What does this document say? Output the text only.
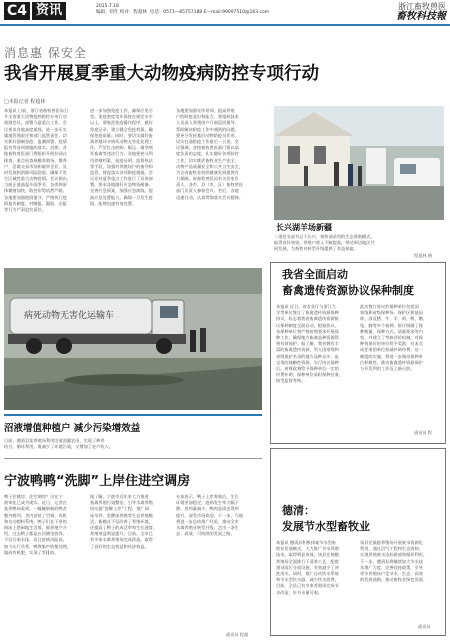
C4 资讯	2015.7.18
编辑：钮仕 校对：程超林 电话：0571—85757188 E—mail:99097510@163.com
浙江畜牧兽医
畜牧科技報
消息惠 保安全
我省开展夏季重大动物疫病防控专项行动
□本报记者 程超林
本报讯 日前，浙江省畜牧兽医局召
开全省重大动物疫病防控专项行动
视频会议，部署今夏重点工作。会
议要求各地高度重视，进一步压实
属地管理责任和部门监管责任，切
实抓好强制免疫、监测预警、疫情
报告等各项措施的落实。近期，各
地畜牧兽医部门将组织开展拉网式
排查，重点检查规模养殖场、散养
户、活禽交易市场和屠宰企业，及
时发现和消除风险隐患，确保不发
生区域性重大动物疫情。会议指出，
当前正值高温多雨季节，各类病原
体繁殖加快，防控形势依然严峻。
各地要加强值班值守，严格执行疫
情报告制度，对瞒报、漏报、迟报
等行为严肃追究责任。
进一步加强免疫工作，确保应免尽
免，免疫密度常年保持在规定水平
以上。要规范免疫操作程序，做好
免疫记录，建立健全免疫档案，确
保免疫质量。同时，要切实做好畜
禽养殖环节病死动物无害化处理工
作，严厉打击收购、贩运、屠宰病
死畜禽等违法行为。各地要充分利
用养殖档案、检疫证明、监督执法
等手段，加强对养殖场户的指导和
监管，督促落实各项防疫措施。会
议还对夏季重点工作进行了具体部
署，要求各地做好应急物资储备，
完善应急预案，加强应急演练，提
高应急处置能力，确保一旦发生疫
情，能够迅速有效处置。
各地要加强宣传培训，提高养殖
户的防疫意识和能力。要组织技术
人员深入养殖场户开展巡回指导，
帮助解决防疫工作中遇到的问题。
要充分发挥基层动物防疫员作用，
切实打通防疫工作最后一公里。会
议强调，各级畜牧兽医部门要以高
度负责的态度，扎实做好各项防控
工作，切实维护畜牧业生产安全、
动物产品质量安全和公共卫生安全，
为全省畜牧业持续健康发展提供有
力保障。省畜牧兽医局有关处室负
责人，各市、县（市、区）畜牧兽医
部门负责人参加会议。会后，各地
迅速行动，认真贯彻落实会议精神。
长兴湖羊场新疆
二垂党支部书记于长兴，畜牧部采用的生态养殖模式，
取得良好效果。养殖户收入不断提高，带动周边地区共
同发展，为畜牧业转型升级提供了有益探索。
程超林 摄
病死动物无害化运输车
沼液增值种植户 减少污染增效益
日前，德清县某养殖场利用沼液浇灌农田，实现了种养
结合、循环利用，既减少了环境污染，又增加了农户收入。
宁波鸭鸭“洗脚”上岸住进空调房
鸭子住楼房、住空调房？这在宁
波奉化已成为现实。近日，记者在
某养鸭场看到，一幢幢崭新的鸭舍
整齐排列，舍内安装了空调、风机
和自动喂料系统，鸭子们在干净的
网床上悠闲地生活着。据养殖户介
绍，过去鸭子都是在河塘里放养，
不仅污染水体，而且疫病风险高。
如今实行旱养，鸭粪集中收集处理，
做成有机肥，实现了零排放。
据了解，宁波市近年来大力推进
畜禽养殖污染整治，引导水禽养殖
场实施“洗脚上岸”工程，推广网
床旱养、发酵床养殖等生态养殖模
式。新模式不仅改善了养殖环境，
还提高了鸭子的成活率和生长速度，
养殖效益明显提升。目前，全市已
有多家水禽养殖场完成改造，取得
了良好的生态效益和经济效益。
专家表示，鸭子上岸养殖后，生长
环境更加稳定，疫病发生率大幅下
降，用药量减少，鸭肉品质也得到
提升，深受市场欢迎。下一步，当地
将进一步总结推广经验，推动全市
水禽养殖业转型升级，走出一条生
态、高效、可持续的发展之路。
通讯员 程超
我省全面启动
畜禽遗传资源协议保种制度
本报讯 近日，省农业厅与浙江大
学等单位签订了畜禽遗传资源保种
协议，标志着我省畜禽遗传资源协
议保种制度全面启动。根据协议，
各保种单位将严格按照要求开展保
种工作，确保地方畜禽品种资源得
到有效保护。据了解，我省拥有丰
富的畜禽遗传资源，列入国家级和
省级保护名录的地方品种众多，是
宝贵的战略性资源。实行协议保种
后，省财政将给予保种单位一定的
经费补助，保种单位承担保种任务，
接受监督考核。
此次签订协议的保种单位包括国
家级和省级保种场、保护区和基因
库，涉及猪、牛、羊、鸡、鸭、鹅、
兔、蜂等多个畜种。协议明确了保
种数量、保种方式、质量要求等内
容，并建立了考核评价机制，对保
种效果好的单位给予奖励，对未完
成任务的单位扣减补助经费。这一
制度的实施，将进一步调动保种单
位积极性，推动畜禽遗传资源保护
与开发利用工作迈上新台阶。
通讯员 程
德清：
发展节水型畜牧业
本报讯 德清县积极探索节水型畜
牧业发展模式，大力推广节水养殖
技术，取得明显成效。该县在规模
养殖场全面推行干清粪工艺，配套
建设雨污分流设施，有效减少了冲
洗用水。同时，推广自动饮水系统
和节水型饮水器，减少饮水浪费。
目前，全县已有多家养殖场完成节
水改造，年节水量可观。
该县还鼓励养殖场开展废水资源化
利用，通过沼气工程和生态消纳，
实现养殖废水达标排放和循环利用。
下一步，德清县将继续加大节水技
术推广力度，完善扶持政策，引导
更多养殖场户走节水、生态、高效
的发展道路，推动畜牧业绿色发展。
通讯员
